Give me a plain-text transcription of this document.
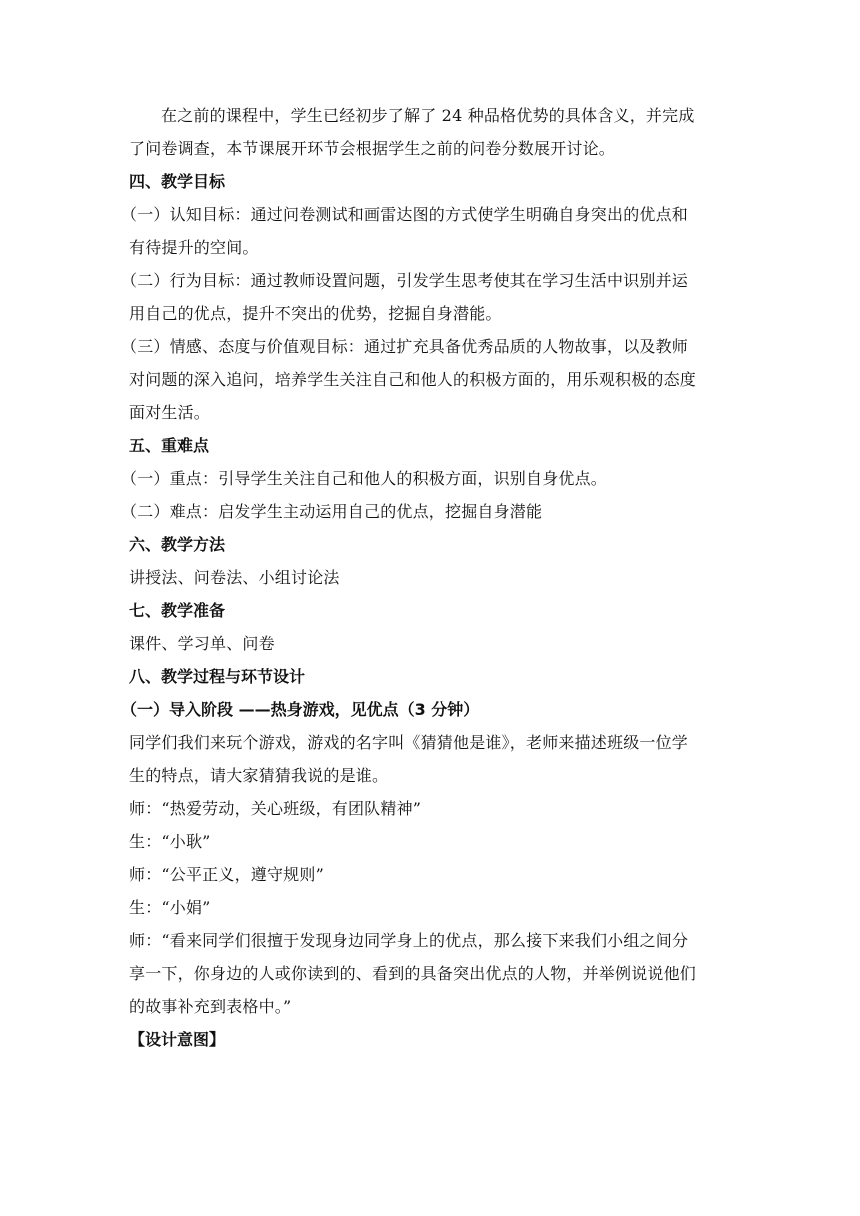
在之前的课程中，学生已经初步了解了 24 种品格优势的具体含义，并完成
了问卷调查，本节课展开环节会根据学生之前的问卷分数展开讨论。
四、教学目标
（一）认知目标：通过问卷测试和画雷达图的方式使学生明确自身突出的优点和
有待提升的空间。
（二）行为目标：通过教师设置问题，引发学生思考使其在学习生活中识别并运
用自己的优点，提升不突出的优势，挖掘自身潜能。
（三）情感、态度与价值观目标：通过扩充具备优秀品质的人物故事，以及教师
对问题的深入追问，培养学生关注自己和他人的积极方面的，用乐观积极的态度
面对生活。
五、重难点
（一）重点：引导学生关注自己和他人的积极方面，识别自身优点。
（二）难点：启发学生主动运用自己的优点，挖掘自身潜能
六、教学方法
讲授法、问卷法、小组讨论法
七、教学准备
课件、学习单、问卷
八、教学过程与环节设计
（一）导入阶段 ——热身游戏，见优点（3 分钟）
同学们我们来玩个游戏，游戏的名字叫《猜猜他是谁》，老师来描述班级一位学
生的特点，请大家猜猜我说的是谁。
师：“热爱劳动，关心班级，有团队精神”
生：“小耿”
师：“公平正义，遵守规则”
生：“小娟”
师：“看来同学们很擅于发现身边同学身上的优点，那么接下来我们小组之间分
享一下，你身边的人或你读到的、看到的具备突出优点的人物，并举例说说他们
的故事补充到表格中。”
【设计意图】
